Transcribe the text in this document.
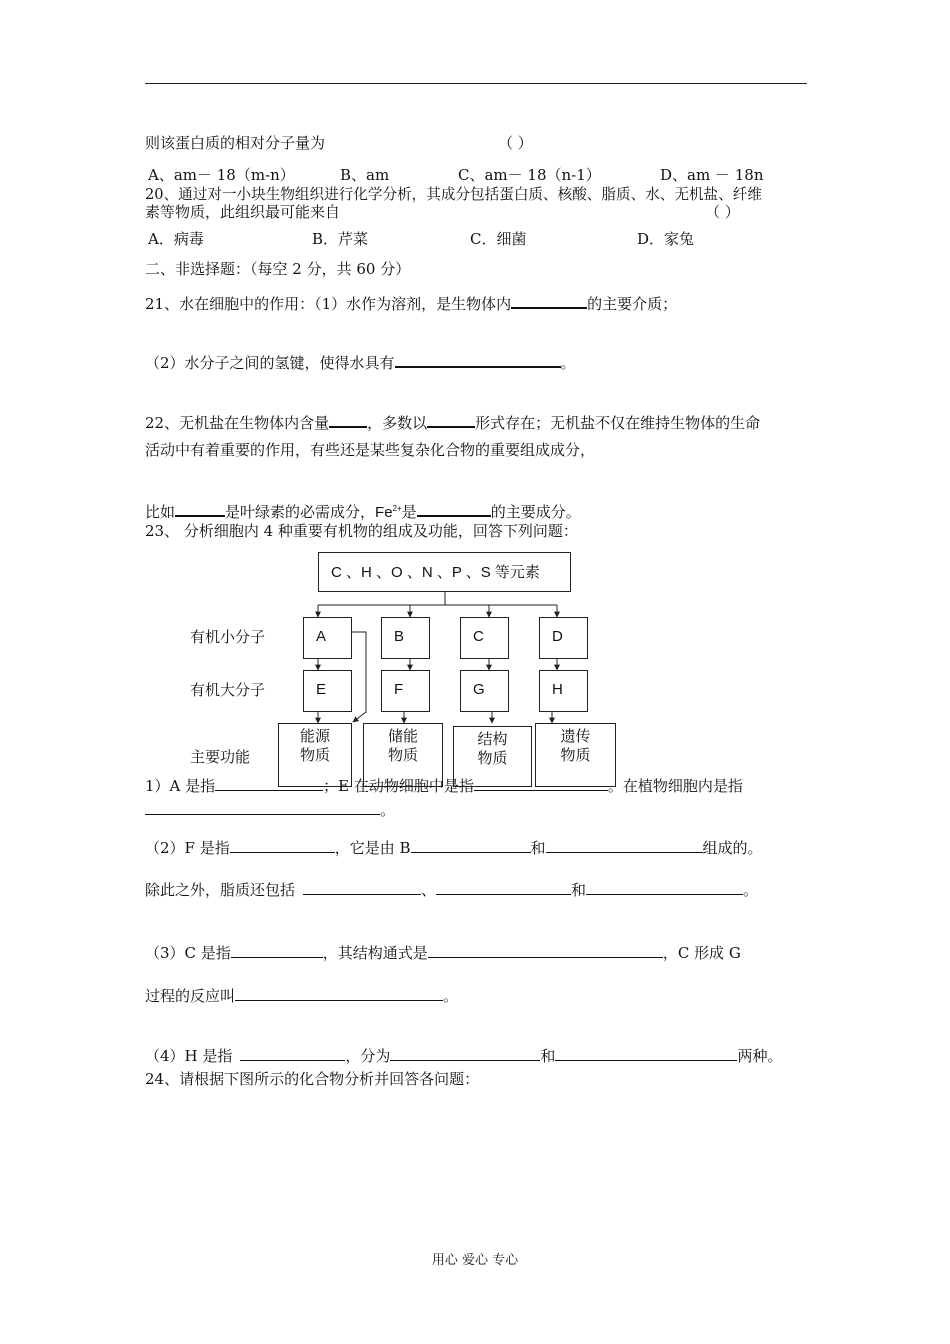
则该蛋白质的相对分子量为	（ ）
A、am－ 18（m-n）	B、am	C、am－ 18（n-1）	D、am － 18n
20、通过对一小块生物组织进行化学分析，其成分包括蛋白质、核酸、脂质、水、无机盐、纤维
素等物质，此组织最可能来自	（ ）
A．病毒	B．芹菜	C．细菌	D．家兔
二、非选择题：（每空 2 分，共 60 分）
21、水在细胞中的作用：（1）水作为溶剂，是生物体内	的主要介质；
（2）水分子之间的氢键，使得水具有	。
22、无机盐在生物体内含量	，多数以	形式存在；无机盐不仅在维持生物体的生命
活动中有着重要的作用，有些还是某些复杂化合物的重要组成成分，
比如	是叶绿素的必需成分，$Fe^{2+}$是	的主要成分。
23、 分析细胞内 4 种重要有机物的组成及功能，回答下列问题：
C 、H 、O 、N 、P 、S 等元素
有机小分子
有机大分子
主要功能
A	B	C	D
E	F	G	H
能源
物质
储能
物质
结构
物质
遗传
物质
1）A 是指	；E 在动物细胞中是指	。在植物细胞内是指
。
（2）F 是指	，它是由 B	和	组成的。
除此之外，脂质还包括	、	和	。
（3）C 是指	，其结构通式是	，C 形成 G
过程的反应叫	。
（4）H 是指	，分为	和	两种。
24、请根据下图所示的化合物分析并回答各问题：
用心 爱心 专心
